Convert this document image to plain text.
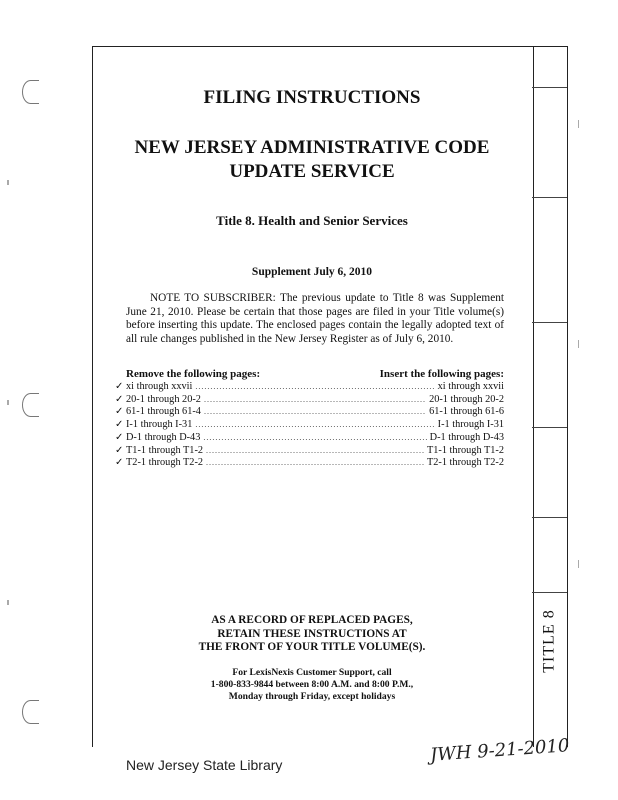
TITLE 8
FILING INSTRUCTIONS
NEW JERSEY ADMINISTRATIVE CODE
UPDATE SERVICE
Title 8. Health and Senior Services
Supplement July 6, 2010

NOTE TO SUBSCRIBER: The previous update to Title 8 was Supplement June 21, 2010. Please be certain that those pages are filed in your Title volume(s) before inserting this update. The enclosed pages contain the legally adopted text of all rule changes published in the New Jersey Register as of July 6, 2010.

Remove the following pages:	Insert the following pages:
✓ xi through xxvii .....	xi through xxvii
✓ 20-1 through 20-2 .....	20-1 through 20-2
✓ 61-1 through 61-4 .....	61-1 through 61-6
✓ I-1 through I-31 .....	I-1 through I-31
✓ D-1 through D-43 .....	D-1 through D-43
✓ T1-1 through T1-2 .....	T1-1 through T1-2
✓ T2-1 through T2-2 .....	T2-1 through T2-2
AS A RECORD OF REPLACED PAGES,
RETAIN THESE INSTRUCTIONS AT
THE FRONT OF YOUR TITLE VOLUME(S).
For LexisNexis Customer Support, call
1-800-833-9844 between 8:00 A.M. and 8:00 P.M.,
Monday through Friday, except holidays
New Jersey State Library	JWH 9-21-2010
